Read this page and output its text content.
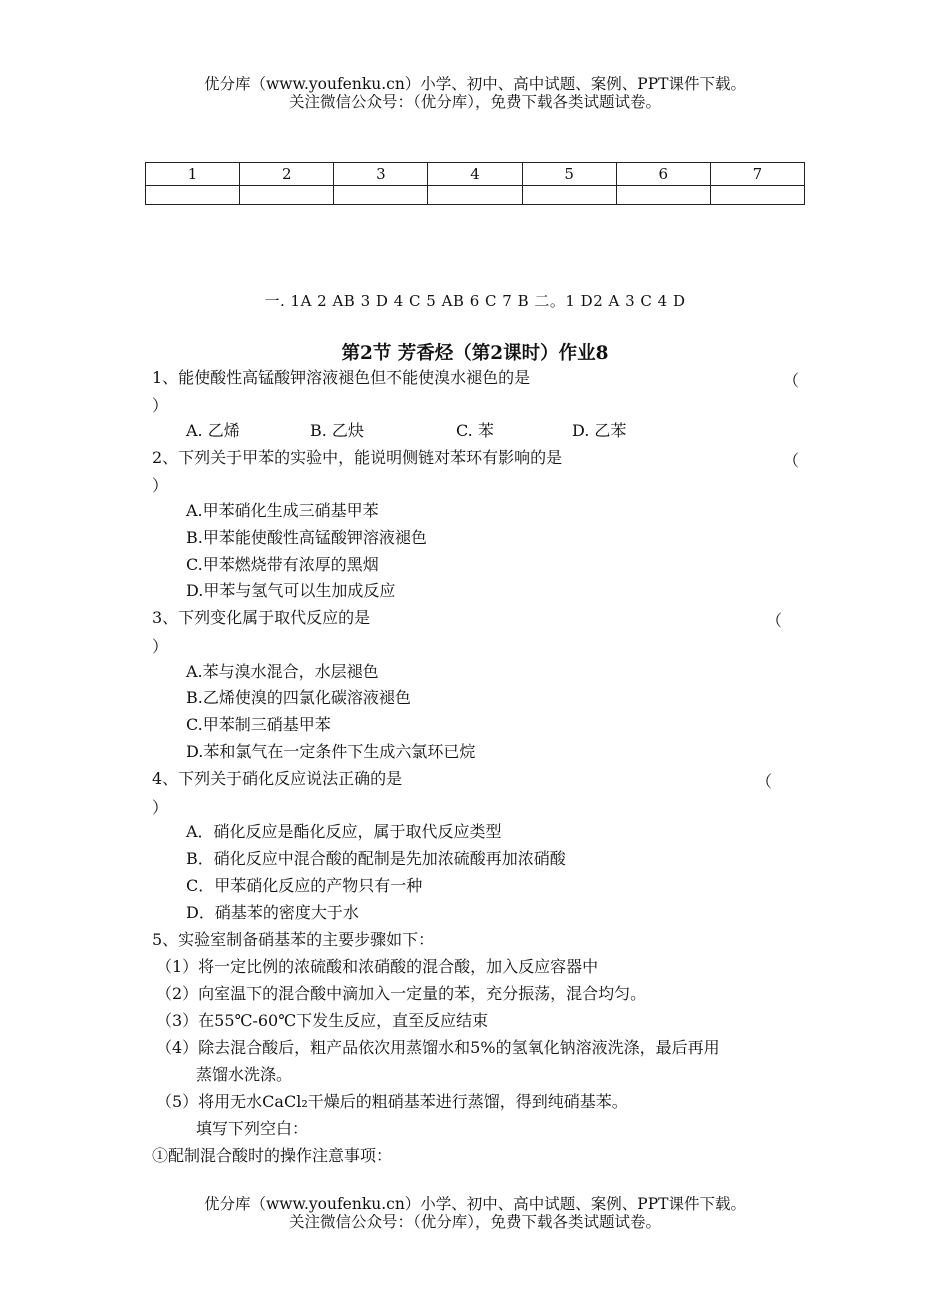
优分库（www.youfenku.cn）小学、初中、高中试题、案例、PPT课件下载。
关注微信公众号：（优分库），免费下载各类试题试卷。
1	2	3	4	5	6	7

一. 1A 2 AB 3 D 4 C 5 AB 6 C 7 B 二。1 D2 A 3 C 4 D
第2节 芳香烃（第2课时）作业8
1、能使酸性高锰酸钾溶液褪色但不能使溴水褪色的是	（
）
A. 乙烯	B. 乙炔	C. 苯	D. 乙苯
2、下列关于甲苯的实验中，能说明侧链对苯环有影响的是	（
）
A.甲苯硝化生成三硝基甲苯
B.甲苯能使酸性高锰酸钾溶液褪色
C.甲苯燃烧带有浓厚的黑烟
D.甲苯与氢气可以生加成反应
3、下列变化属于取代反应的是	（
）
A.苯与溴水混合，水层褪色
B.乙烯使溴的四氯化碳溶液褪色
C.甲苯制三硝基甲苯
D.苯和氯气在一定条件下生成六氯环已烷
4、下列关于硝化反应说法正确的是	（
）
A．硝化反应是酯化反应，属于取代反应类型
B．硝化反应中混合酸的配制是先加浓硫酸再加浓硝酸
C．甲苯硝化反应的产物只有一种
D．硝基苯的密度大于水
5、实验室制备硝基苯的主要步骤如下：
（1）将一定比例的浓硫酸和浓硝酸的混合酸，加入反应容器中
（2）向室温下的混合酸中滴加入一定量的苯，充分振荡，混合均匀。
（3）在55℃-60℃下发生反应，直至反应结束
（4）除去混合酸后，粗产品依次用蒸馏水和5%的氢氧化钠溶液洗涤，最后再用
蒸馏水洗涤。
（5）将用无水CaCl₂干燥后的粗硝基苯进行蒸馏，得到纯硝基苯。
填写下列空白：
①配制混合酸时的操作注意事项：
优分库（www.youfenku.cn）小学、初中、高中试题、案例、PPT课件下载。
关注微信公众号：（优分库），免费下载各类试题试卷。
